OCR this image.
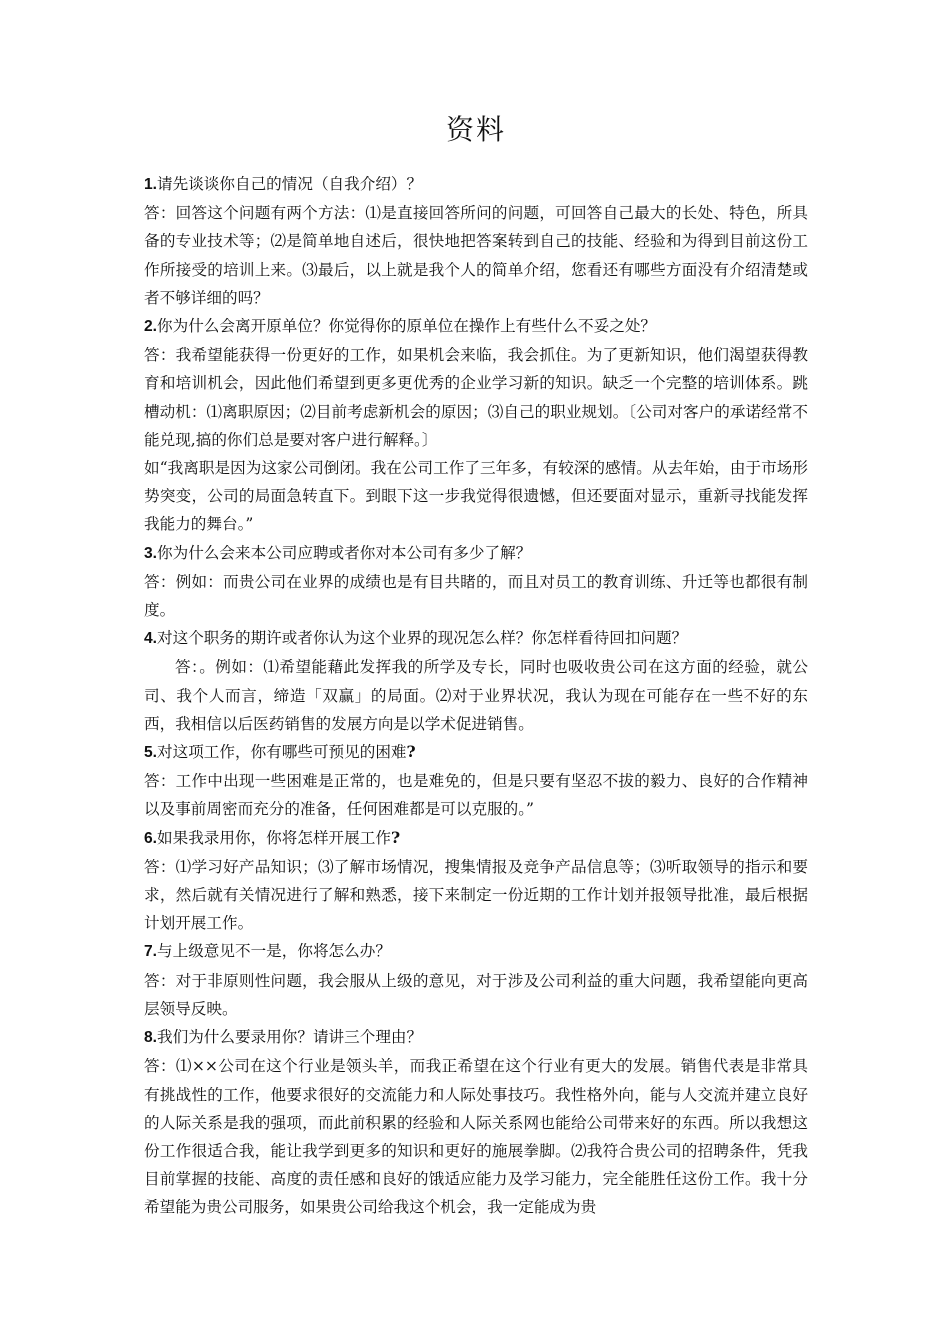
资料

1.请先谈谈你自己的情况（自我介绍）？

答：回答这个问题有两个方法：⑴是直接回答所问的问题，可回答自己最大的长处、特色，所具备的专业技术等；⑵是简单地自述后，很快地把答案转到自己的技能、经验和为得到目前这份工作所接受的培训上来。⑶最后，以上就是我个人的简单介绍，您看还有哪些方面没有介绍清楚或者不够详细的吗？

2.你为什么会离开原单位？你觉得你的原单位在操作上有些什么不妥之处？

答：我希望能获得一份更好的工作，如果机会来临，我会抓住。为了更新知识，他们渴望获得教育和培训机会，因此他们希望到更多更优秀的企业学习新的知识。缺乏一个完整的培训体系。跳槽动机：⑴离职原因；⑵目前考虑新机会的原因；⑶自己的职业规划。〔公司对客户的承诺经常不能兑现,搞的你们总是要对客户进行解释。〕

如“我离职是因为这家公司倒闭。我在公司工作了三年多，有较深的感情。从去年始，由于市场形势突变，公司的局面急转直下。到眼下这一步我觉得很遗憾，但还要面对显示，重新寻找能发挥我能力的舞台。”

3.你为什么会来本公司应聘或者你对本公司有多少了解？

答：例如：而贵公司在业界的成绩也是有目共睹的，而且对员工的教育训练、升迁等也都很有制度。

4.对这个职务的期许或者你认为这个业界的现况怎么样？你怎样看待回扣问题？

答：。例如：⑴希望能藉此发挥我的所学及专长，同时也吸收贵公司在这方面的经验，就公司、我个人而言，缔造「双赢」的局面。⑵对于业界状况，我认为现在可能存在一些不好的东西，我相信以后医药销售的发展方向是以学术促进销售。

5.对这项工作，你有哪些可预见的困难?

答：工作中出现一些困难是正常的，也是难免的，但是只要有坚忍不拔的毅力、良好的合作精神以及事前周密而充分的准备，任何困难都是可以克服的。”

6.如果我录用你，你将怎样开展工作?

答：⑴学习好产品知识；⑶了解市场情况，搜集情报及竞争产品信息等；⑶听取领导的指示和要求，然后就有关情况进行了解和熟悉，接下来制定一份近期的工作计划并报领导批准，最后根据计划开展工作。

7.与上级意见不一是，你将怎么办？

答：对于非原则性问题，我会服从上级的意见，对于涉及公司利益的重大问题，我希望能向更高层领导反映。

8.我们为什么要录用你？请讲三个理由？

答：⑴××公司在这个行业是领头羊，而我正希望在这个行业有更大的发展。销售代表是非常具有挑战性的工作，他要求很好的交流能力和人际处事技巧。我性格外向，能与人交流并建立良好的人际关系是我的强项，而此前积累的经验和人际关系网也能给公司带来好的东西。所以我想这份工作很适合我，能让我学到更多的知识和更好的施展拳脚。⑵我符合贵公司的招聘条件，凭我目前掌握的技能、高度的责任感和良好的饿适应能力及学习能力，完全能胜任这份工作。我十分希望能为贵公司服务，如果贵公司给我这个机会，我一定能成为贵
